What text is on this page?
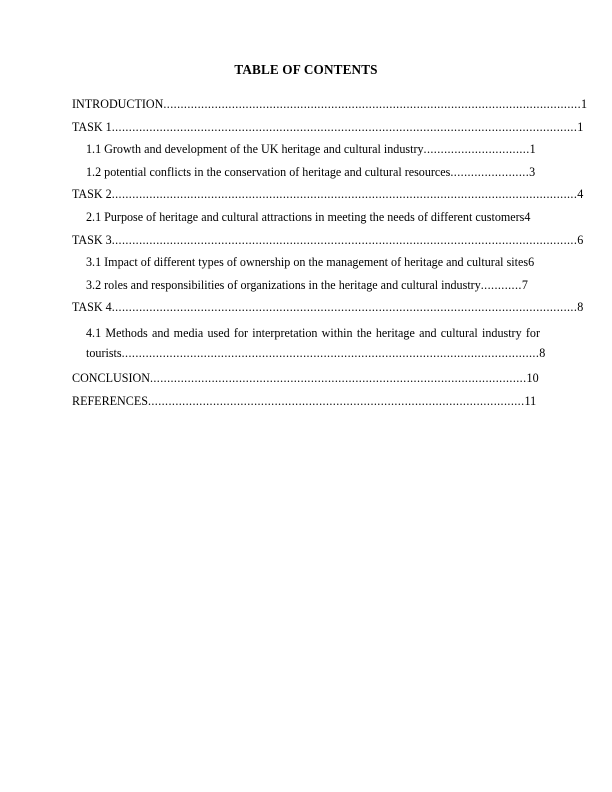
TABLE OF CONTENTS
INTRODUCTION..........................................................................................................................1
TASK 1........................................................................................................................................1
1.1 Growth and development of the UK heritage and cultural industry...............................1
1.2 potential conflicts in the conservation of heritage and cultural resources.......................3
TASK 2........................................................................................................................................4
2.1 Purpose of heritage and cultural attractions in meeting the needs of different customers4
TASK 3........................................................................................................................................6
3.1 Impact of different types of ownership on the management of heritage and cultural sites6
3.2 roles and responsibilities of organizations in the heritage and cultural industry............7
TASK 4........................................................................................................................................8
4.1 Methods and media used for interpretation within the heritage and cultural industry for
tourists..........................................................................................................................8
CONCLUSION..............................................................................................................10
REFERENCES..............................................................................................................11
